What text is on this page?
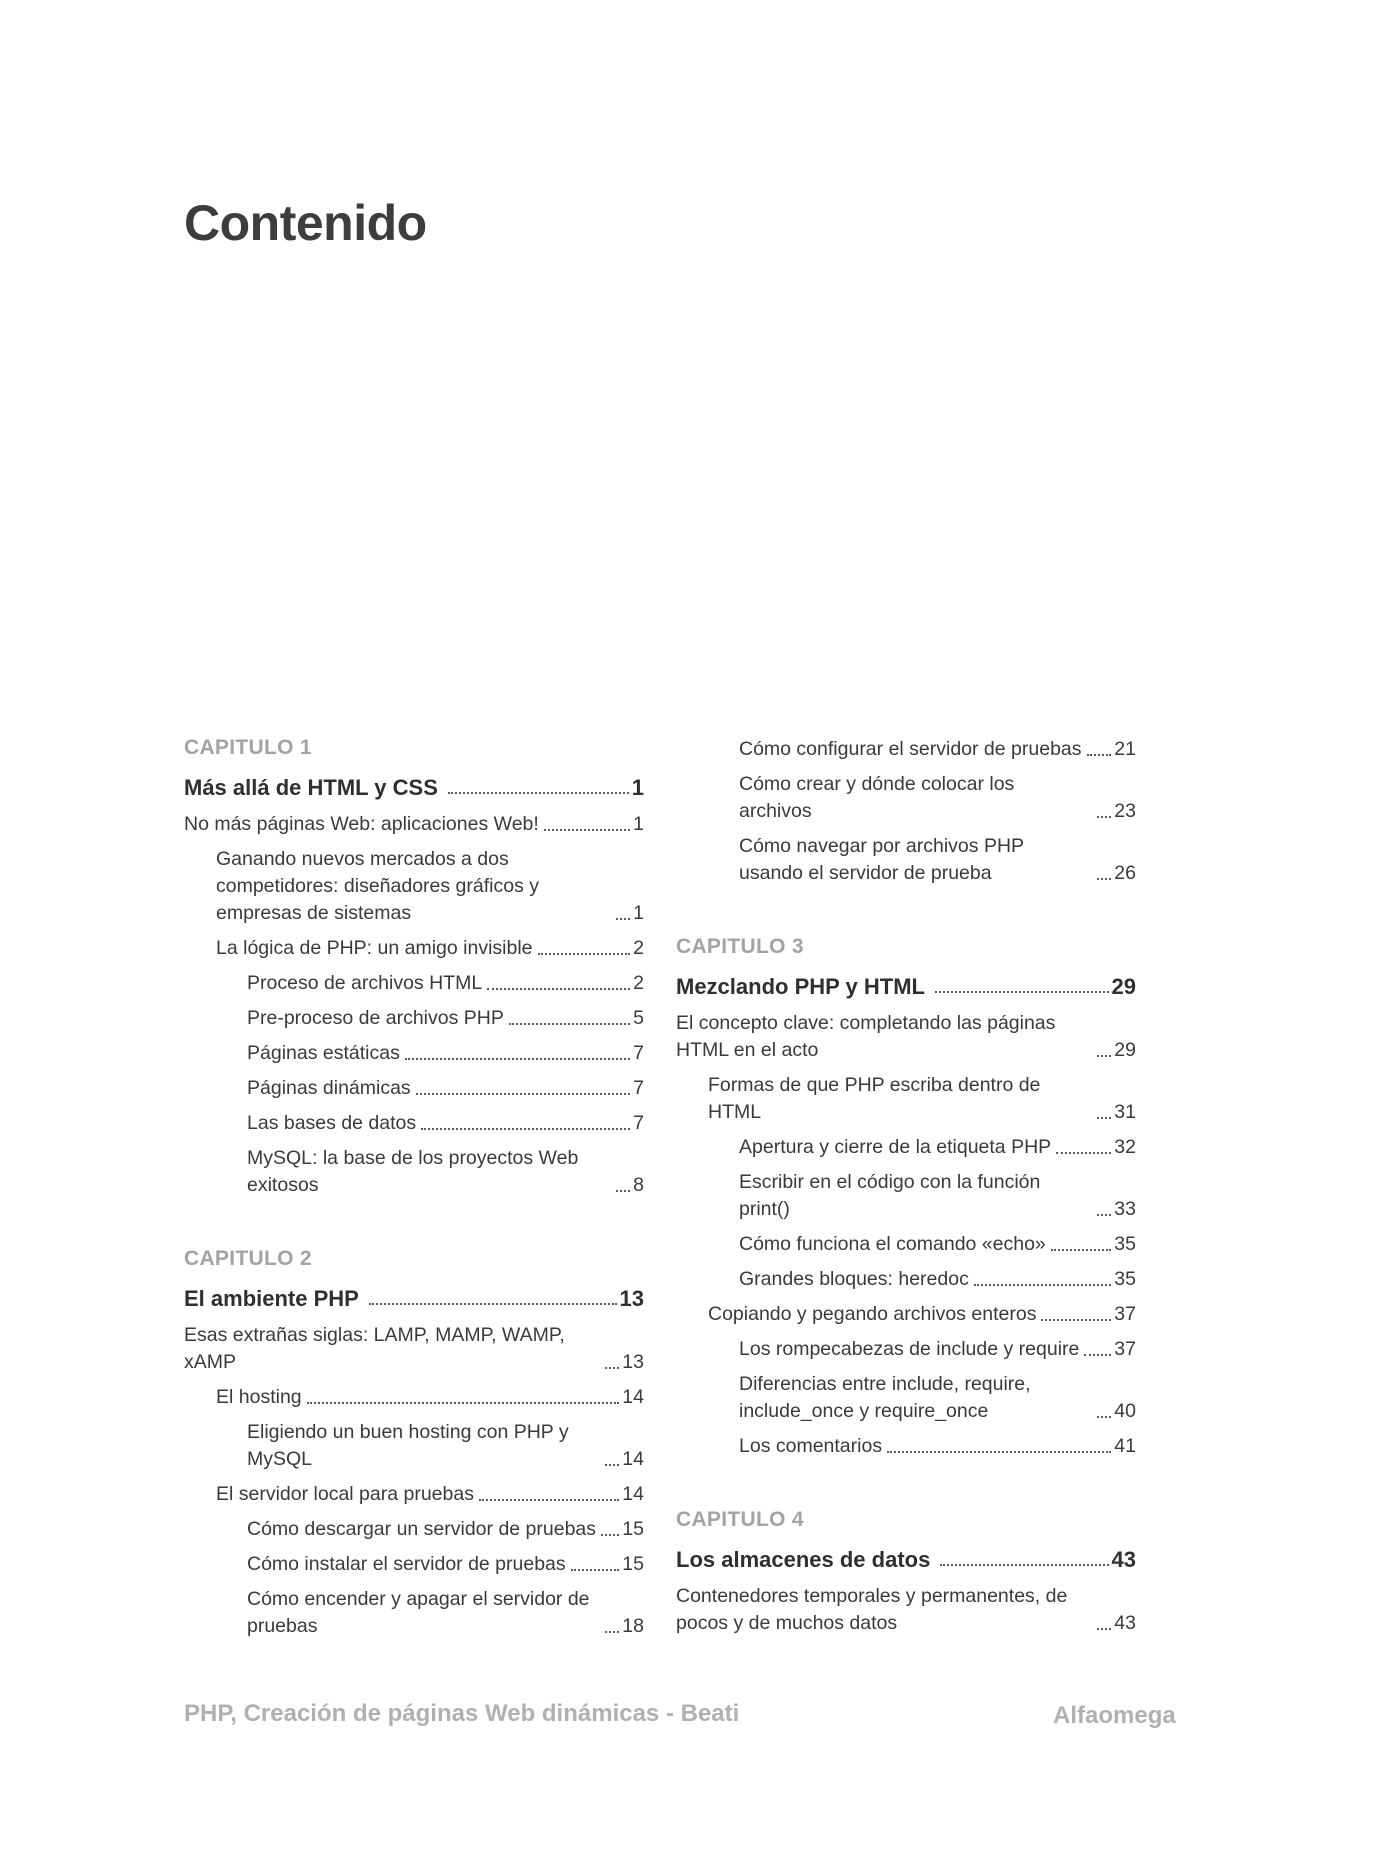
Contenido
CAPITULO 1
Más allá de HTML y CSS	1
No más páginas Web: aplicaciones Web!	1
Ganando nuevos mercados a dos competidores: diseñadores gráficos y empresas de sistemas	1
La lógica de PHP: un amigo invisible	2
Proceso de archivos HTML	2
Pre-proceso de archivos PHP	5
Páginas estáticas	7
Páginas dinámicas	7
Las bases de datos	7
MySQL: la base de los proyectos Web exitosos	8
CAPITULO 2
El ambiente PHP	13
Esas extrañas siglas: LAMP, MAMP, WAMP, xAMP	13
El hosting	14
Eligiendo un buen hosting con PHP y MySQL	14
El servidor local para pruebas	14
Cómo descargar un servidor de pruebas 15
Cómo instalar el servidor de pruebas	15
Cómo encender y apagar el servidor de pruebas	18
Cómo configurar el servidor de pruebas 21
Cómo crear y dónde colocar los archivos	23
Cómo navegar por archivos PHP usando el servidor de prueba	26
CAPITULO 3
Mezclando PHP y HTML	29
El concepto clave: completando las páginas HTML en el acto	29
Formas de que PHP escriba dentro de HTML	31
Apertura y cierre de la etiqueta PHP	32
Escribir en el código con la función print()	33
Cómo funciona el comando «echo»	35
Grandes bloques: heredoc	35
Copiando y pegando archivos enteros	37
Los rompecabezas de include y require 37
Diferencias entre include, require, include_once y require_once	40
Los comentarios	41
CAPITULO 4
Los almacenes de datos	43
Contenedores temporales y permanentes, de pocos y de muchos datos	43
PHP, Creación de páginas Web dinámicas - Beati	Alfaomega
